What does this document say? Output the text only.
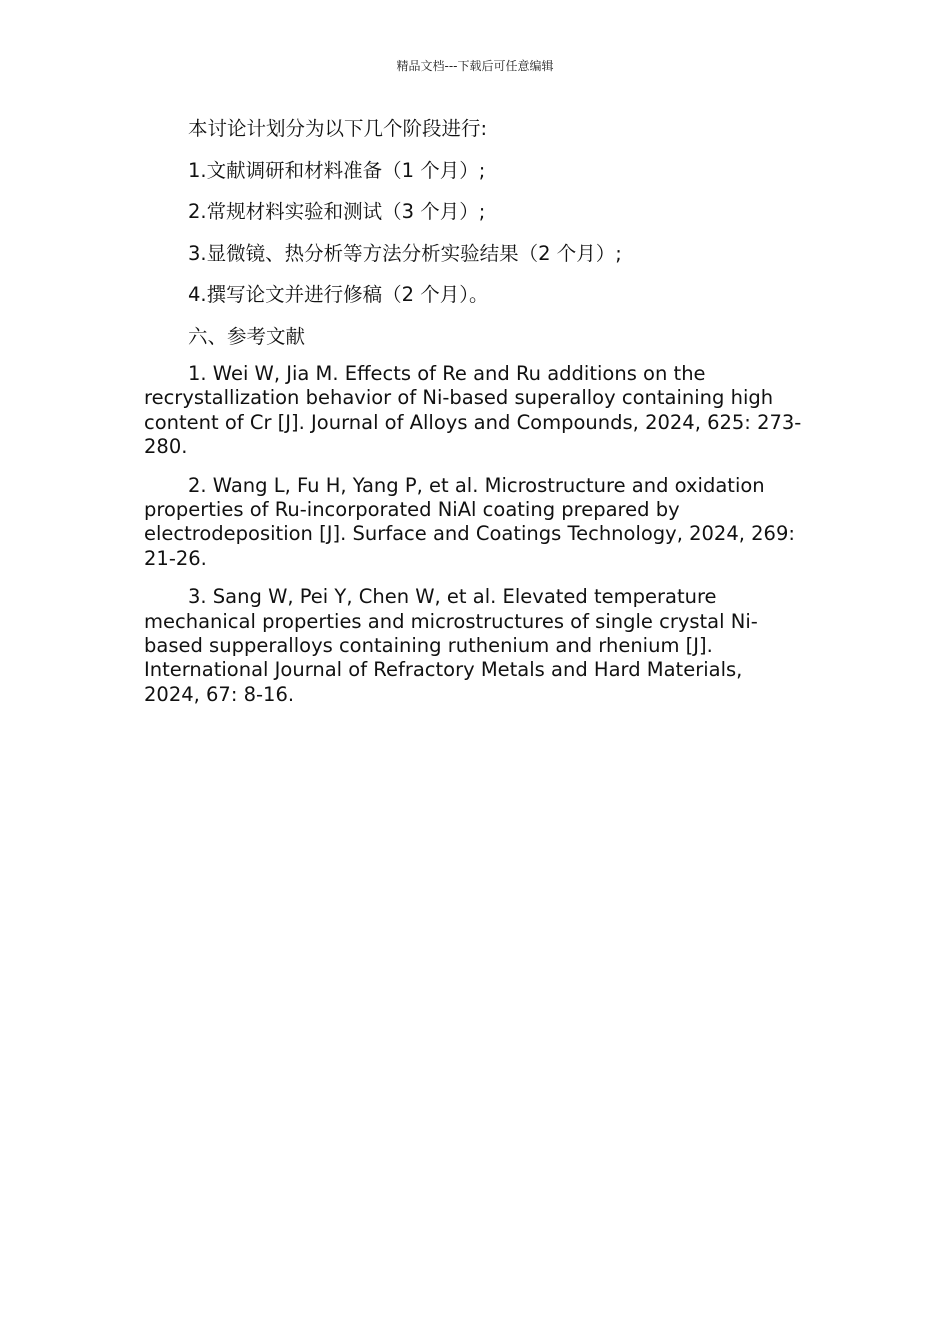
精品文档---下载后可任意编辑

本讨论计划分为以下几个阶段进行:

1.文献调研和材料准备（1 个月）;

2.常规材料实验和测试（3 个月）;

3.显微镜、热分析等方法分析实验结果（2 个月）;

4.撰写论文并进行修稿（2 个月）。

六、参考文献

1. Wei W, Jia M. Effects of Re and Ru additions on the recrystallization behavior of Ni-based superalloy containing high content of Cr [J]. Journal of Alloys and Compounds, 2024, 625: 273-280.

2. Wang L, Fu H, Yang P, et al. Microstructure and oxidation properties of Ru-incorporated NiAl coating prepared by electrodeposition [J]. Surface and Coatings Technology, 2024, 269: 21-26.

3. Sang W, Pei Y, Chen W, et al. Elevated temperature mechanical properties and microstructures of single crystal Ni-based supperalloys containing ruthenium and rhenium [J]. International Journal of Refractory Metals and Hard Materials, 2024, 67: 8-16.
